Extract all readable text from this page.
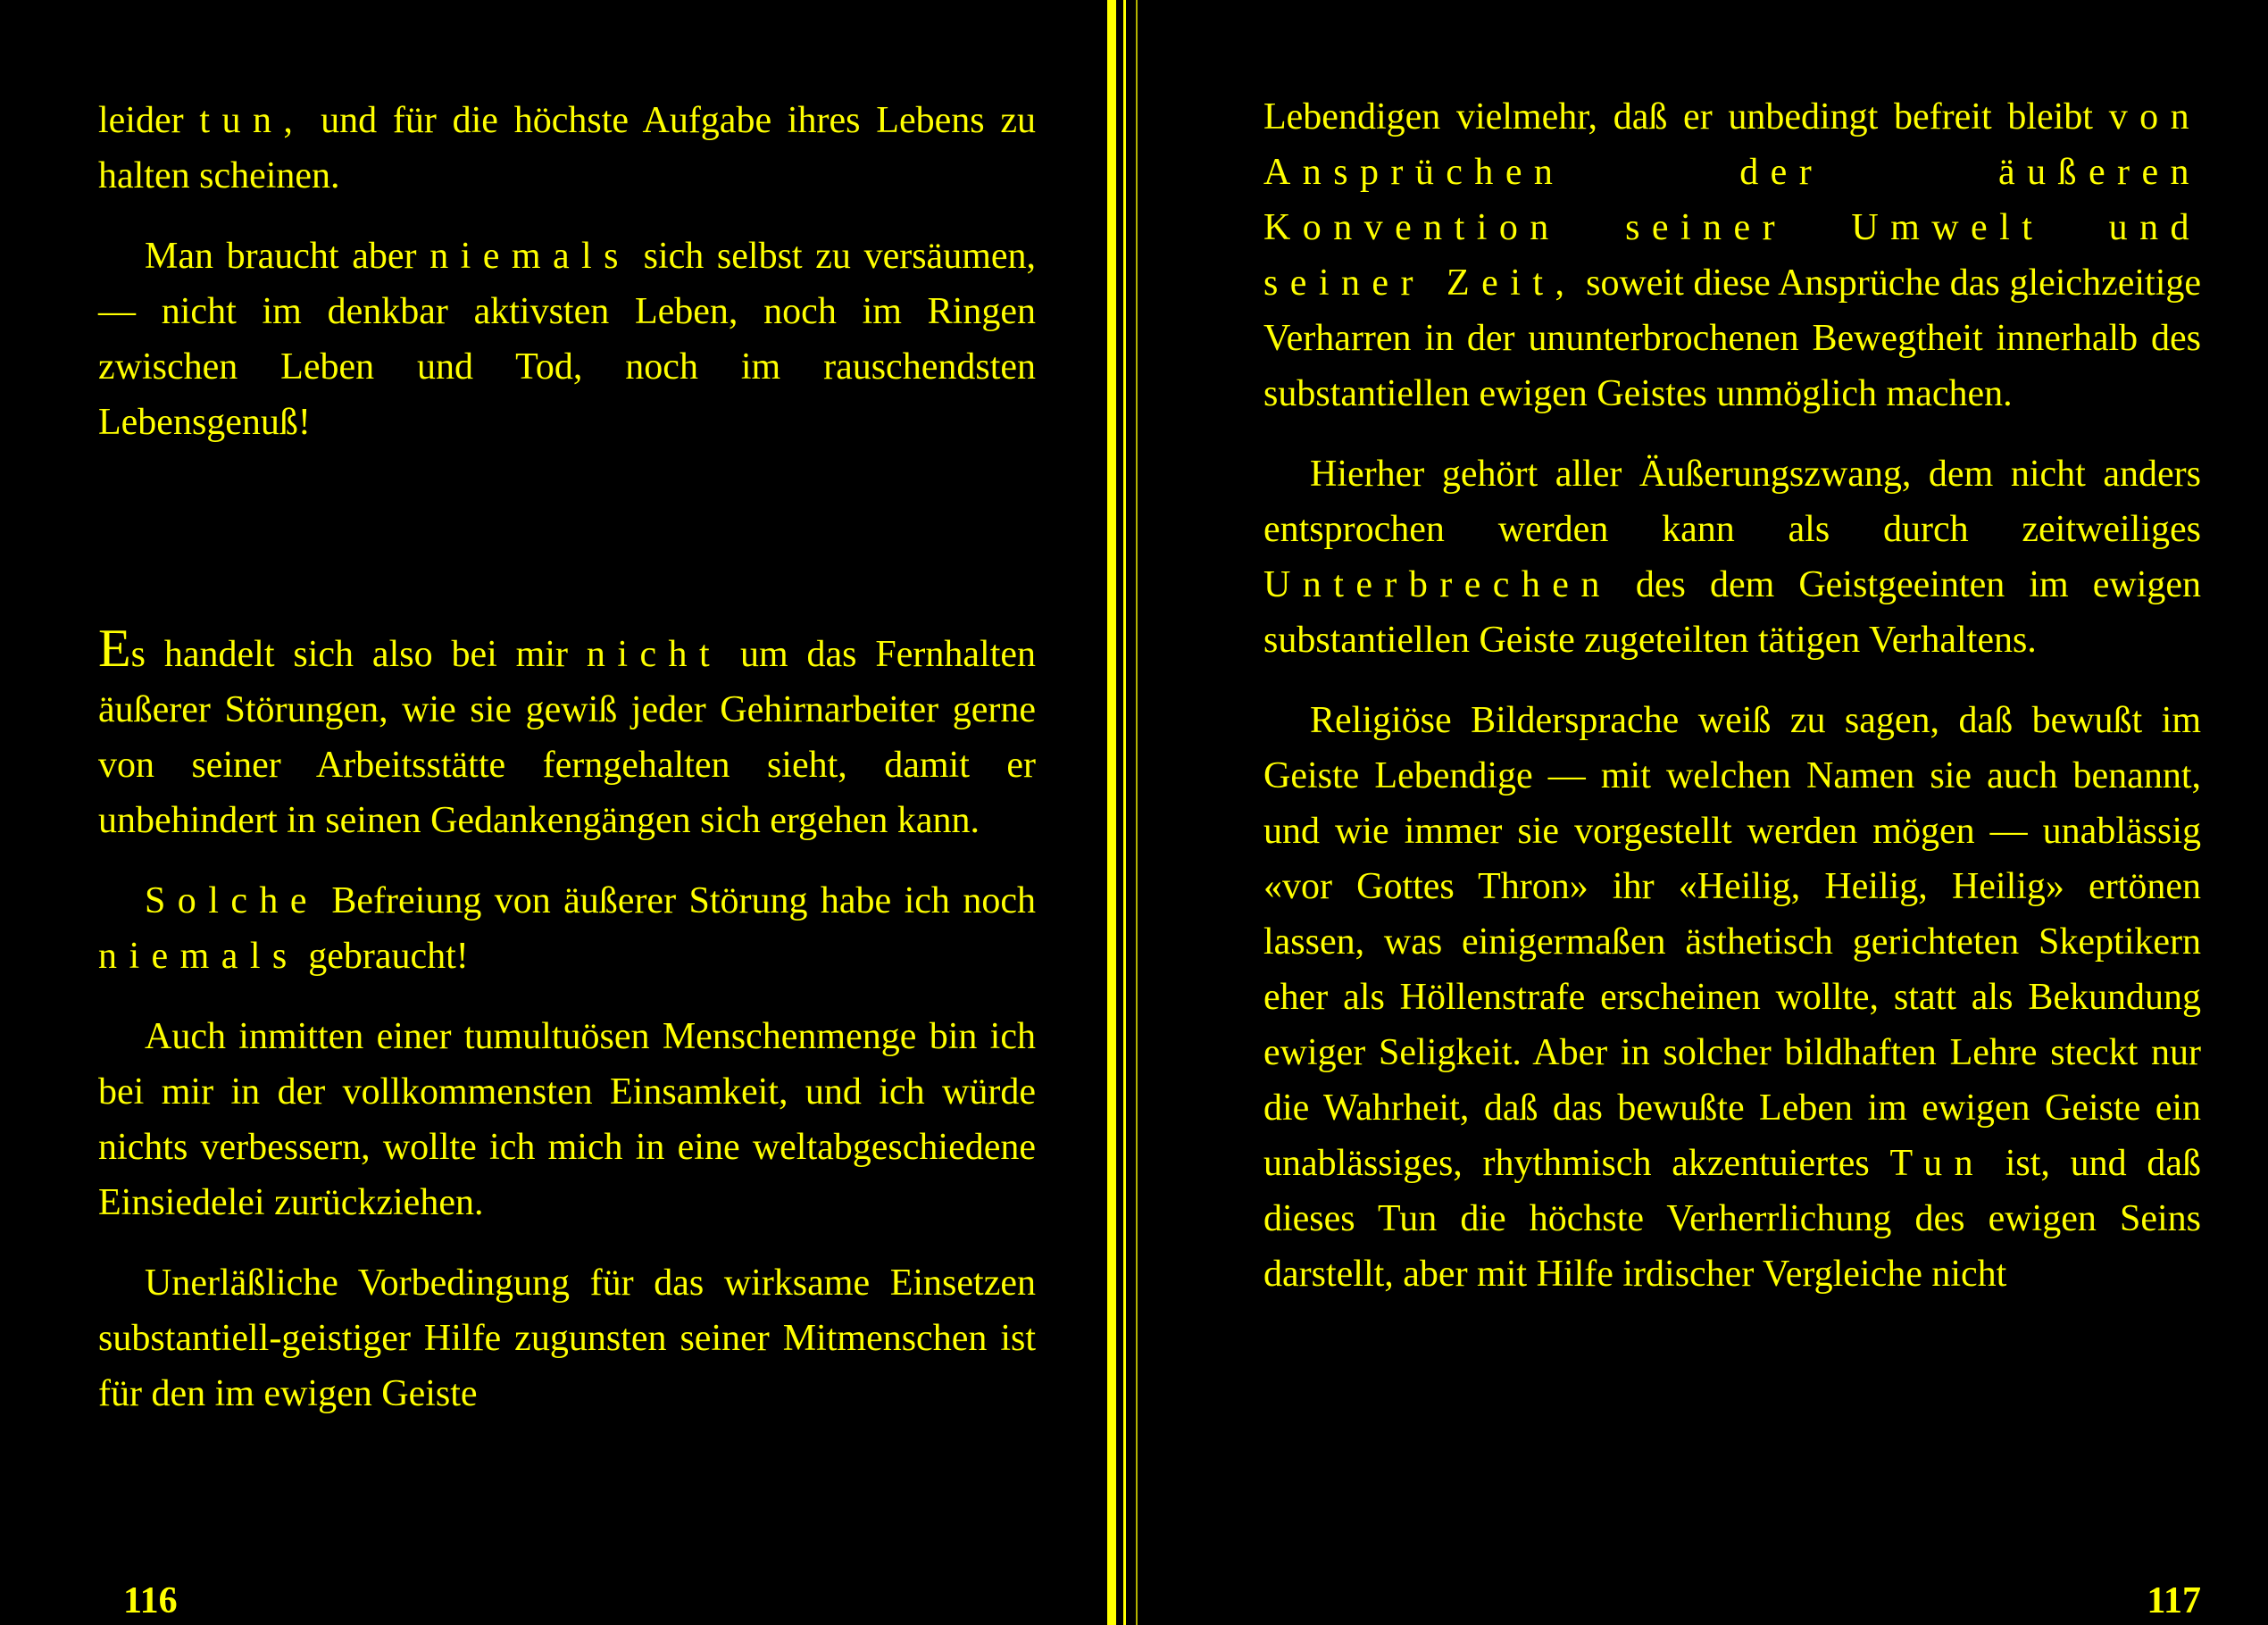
leider tun, und für die höchste Aufgabe ihres Lebens zu halten scheinen.

Man braucht aber niemals sich selbst zu versäumen, — nicht im denkbar aktivsten Leben, noch im Ringen zwischen Leben und Tod, noch im rauschendsten Lebensgenuß!

Es handelt sich also bei mir nicht um das Fernhalten äußerer Störungen, wie sie gewiß jeder Gehirnarbeiter gerne von seiner Arbeitsstätte ferngehalten sieht, damit er unbehindert in seinen Gedankengängen sich ergehen kann.

Solche Befreiung von äußerer Störung habe ich noch niemals gebraucht!

Auch inmitten einer tumultuösen Menschenmenge bin ich bei mir in der vollkommensten Einsamkeit, und ich würde nichts verbessern, wollte ich mich in eine weltabgeschiedene Einsiedelei zurückziehen.

Unerläßliche Vorbedingung für das wirksame Einsetzen substantiell-geistiger Hilfe zugunsten seiner Mitmenschen ist für den im ewigen Geiste

116

Lebendigen vielmehr, daß er unbedingt befreit bleibt von Ansprüchen der äußeren Konvention seiner Umwelt und seiner Zeit, soweit diese Ansprüche das gleichzeitige Verharren in der ununterbrochenen Bewegtheit innerhalb des substantiellen ewigen Geistes unmöglich machen.

Hierher gehört aller Äußerungszwang, dem nicht anders entsprochen werden kann als durch zeitweiliges Unterbrechen des dem Geistgeeinten im ewigen substantiellen Geiste zugeteilten tätigen Verhaltens.

Religiöse Bildersprache weiß zu sagen, daß bewußt im Geiste Lebendige — mit welchen Namen sie auch benannt, und wie immer sie vorgestellt werden mögen — unablässig «vor Gottes Thron» ihr «Heilig, Heilig, Heilig» ertönen lassen, was einigermaßen ästhetisch gerichteten Skeptikern eher als Höllenstrafe erscheinen wollte, statt als Bekundung ewiger Seligkeit. Aber in solcher bildhaften Lehre steckt nur die Wahrheit, daß das bewußte Leben im ewigen Geiste ein unablässiges, rhythmisch akzentuiertes Tun ist, und daß dieses Tun die höchste Verherrlichung des ewigen Seins darstellt, aber mit Hilfe irdischer Vergleiche nicht

117
